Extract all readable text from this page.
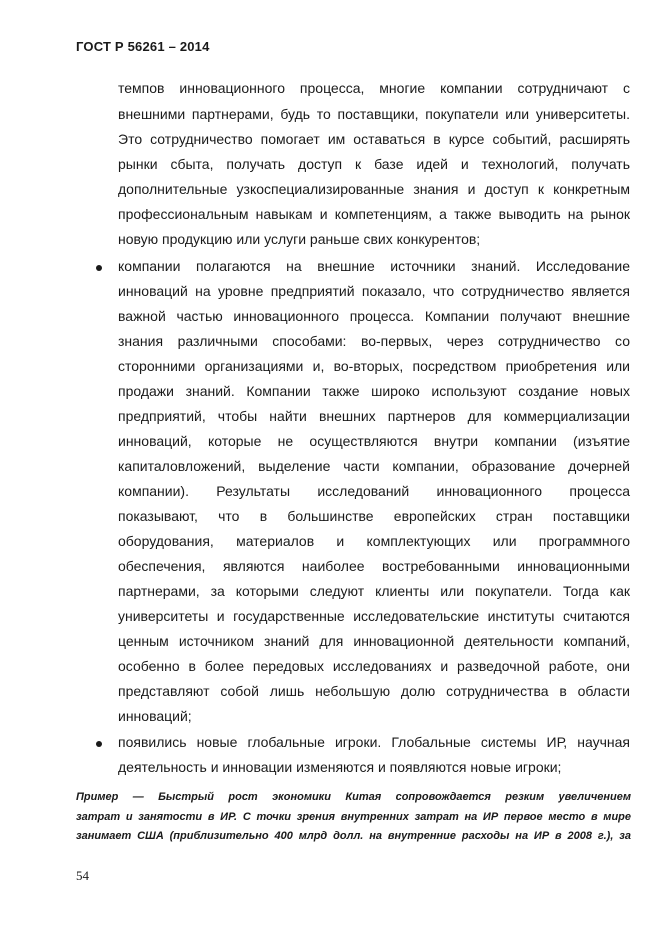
ГОСТ Р 56261 – 2014
темпов инновационного процесса, многие компании сотрудничают с
внешними партнерами, будь то поставщики, покупатели или университеты.
Это сотрудничество помогает им оставаться в курсе событий, расширять
рынки сбыта, получать доступ к базе идей и технологий, получать
дополнительные узкоспециализированные знания и доступ к конкретным
профессиональным навыкам и компетенциям, а также выводить на рынок
новую продукцию или услуги раньше свих конкурентов;
компании полагаются на внешние источники знаний. Исследование
инноваций на уровне предприятий показало, что сотрудничество является
важной частью инновационного процесса. Компании получают внешние
знания различными способами: во-первых, через сотрудничество со
сторонними организациями и, во-вторых, посредством приобретения или
продажи знаний. Компании также широко используют создание новых
предприятий, чтобы найти внешних партнеров для коммерциализации
инноваций, которые не осуществляются внутри компании (изъятие
капиталовложений, выделение части компании, образование дочерней
компании). Результаты исследований инновационного процесса
показывают, что в большинстве европейских стран поставщики
оборудования, материалов и комплектующих или программного
обеспечения, являются наиболее востребованными инновационными
партнерами, за которыми следуют клиенты или покупатели. Тогда как
университеты и государственные исследовательские институты считаются
ценным источником знаний для инновационной деятельности компаний,
особенно в более передовых исследованиях и разведочной работе, они
представляют собой лишь небольшую долю сотрудничества в области
инноваций;
появились новые глобальные игроки. Глобальные системы ИР, научная
деятельность и инновации изменяются и появляются новые игроки;
Пример — Быстрый рост экономики Китая сопровождается резким увеличением
затрат и занятости в ИР. С точки зрения внутренних затрат на ИР первое место в мире
занимает США (приблизительно 400 млрд долл. на внутренние расходы на ИР в 2008 г.), за
54
